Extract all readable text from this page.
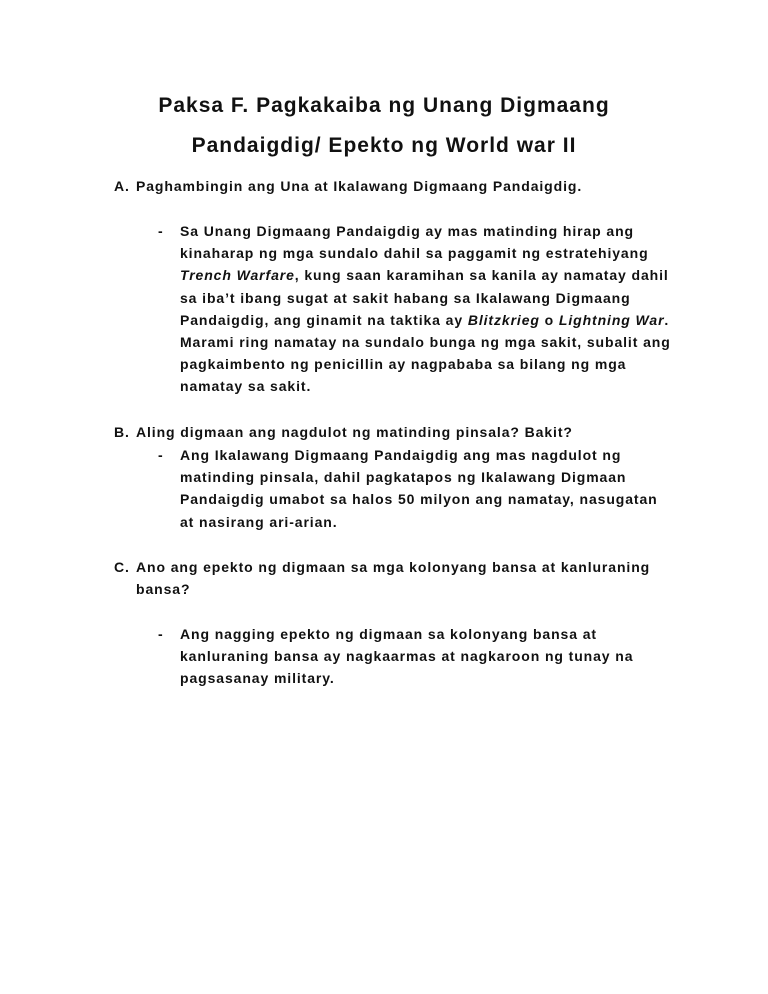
Paksa F. Pagkakaiba ng Unang Digmaang
Pandaigdig/ Epekto ng World war II
A. Paghambingin ang Una at Ikalawang Digmaang Pandaigdig.
- Sa Unang Digmaang Pandaigdig ay mas matinding hirap ang
kinaharap ng mga sundalo dahil sa paggamit ng estratehiyang
Trench Warfare, kung saan karamihan sa kanila ay namatay dahil
sa iba’t ibang sugat at sakit habang sa Ikalawang Digmaang
Pandaigdig, ang ginamit na taktika ay Blitzkrieg o Lightning War.
Marami ring namatay na sundalo bunga ng mga sakit, subalit ang
pagkaimbento ng penicillin ay nagpababa sa bilang ng mga
namatay sa sakit.
B. Aling digmaan ang nagdulot ng matinding pinsala? Bakit?
- Ang Ikalawang Digmaang Pandaigdig ang mas nagdulot ng
matinding pinsala, dahil pagkatapos ng Ikalawang Digmaan
Pandaigdig umabot sa halos 50 milyon ang namatay, nasugatan
at nasirang ari-arian.
C. Ano ang epekto ng digmaan sa mga kolonyang bansa at kanluraning
bansa?
- Ang nagging epekto ng digmaan sa kolonyang bansa at
kanluraning bansa ay nagkaarmas at nagkaroon ng tunay na
pagsasanay military.
